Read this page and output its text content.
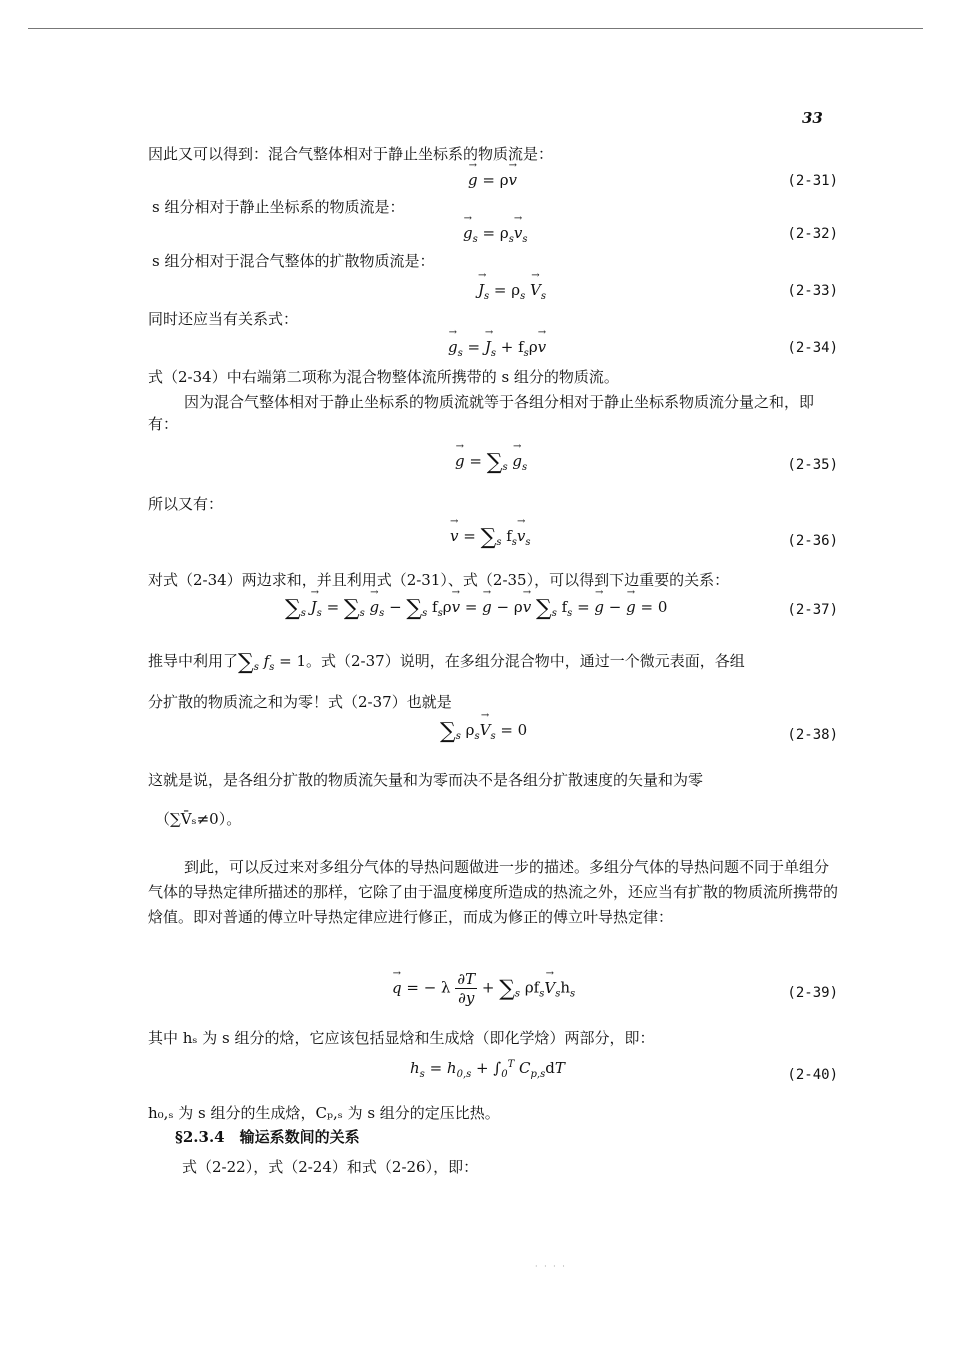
33
因此又可以得到：混合气整体相对于静止坐标系的物质流是：
→ g = ρ→ v	(2-31)
s 组分相对于静止坐标系的物质流是：
→ $g_s = \rho_s\to v_s$	(2-32)
s 组分相对于混合气整体的扩散物质流是：
→ $J_s = \rho_s \to V_s$	(2-33)
同时还应当有关系式：
→ $g_s$ = → $J_s + f_s\rho\to v$	(2-34)
式（2-34）中右端第二项称为混合物整体流所携带的 s 组分的物质流。
因为混合气整体相对于静止坐标系的物质流就等于各组分相对于静止坐标系物质流分量之和，即有：
→ $g = \sum_s \to g_s$	(2-35)
所以又有：
→ $v = \sum_s$ $f_s\to v_s$	(2-36)
对式（2-34）两边求和，并且利用式（2-31）、式（2-35），可以得到下边重要的关系：
$\sum_s \to J_s = \sum_s \to g_s - \sum_s$ $f_s\rho\to v$ = → g − ρ→ v $\sum_s$ $f_s$ = → g − → g = 0	(2-37)
推导中利用了$\sum_s$ $f_s = 1$。式（2-37）说明，在多组分混合物中，通过一个微元表面，各组
分扩散的物质流之和为零！式（2-37）也就是
$\sum_s$ $\rho_s\to V_s = 0$	(2-38)
这就是说，是各组分扩散的物质流矢量和为零而决不是各组分扩散速度的矢量和为零
（∑V̄ₛ≠0）。
到此，可以反过来对多组分气体的导热问题做进一步的描述。多组分气体的导热问题不同于单组分气体的导热定律所描述的那样，它除了由于温度梯度所造成的热流之外，还应当有扩散的物质流所携带的焓值。即对普通的傅立叶导热定律应进行修正，而成为修正的傅立叶导热定律：
→ q = − λ $\frac{\partial T}{\partial y} + \sum_s$ $\rho f_s\to V_sh_s$	(2-39)
其中 hₛ 为 s 组分的焓，它应该包括显焓和生成焓（即化学焓）两部分，即：
$h_s = h_{0,s} + \int_0^T$ $C_{p,s}dT$	(2-40)
h₀,ₛ 为 s 组分的生成焓，Cₚ,ₛ 为 s 组分的定压比热。
§2.3.4　输运系数间的关系
式（2-22），式（2-24）和式（2-26），即：
· · · ·
